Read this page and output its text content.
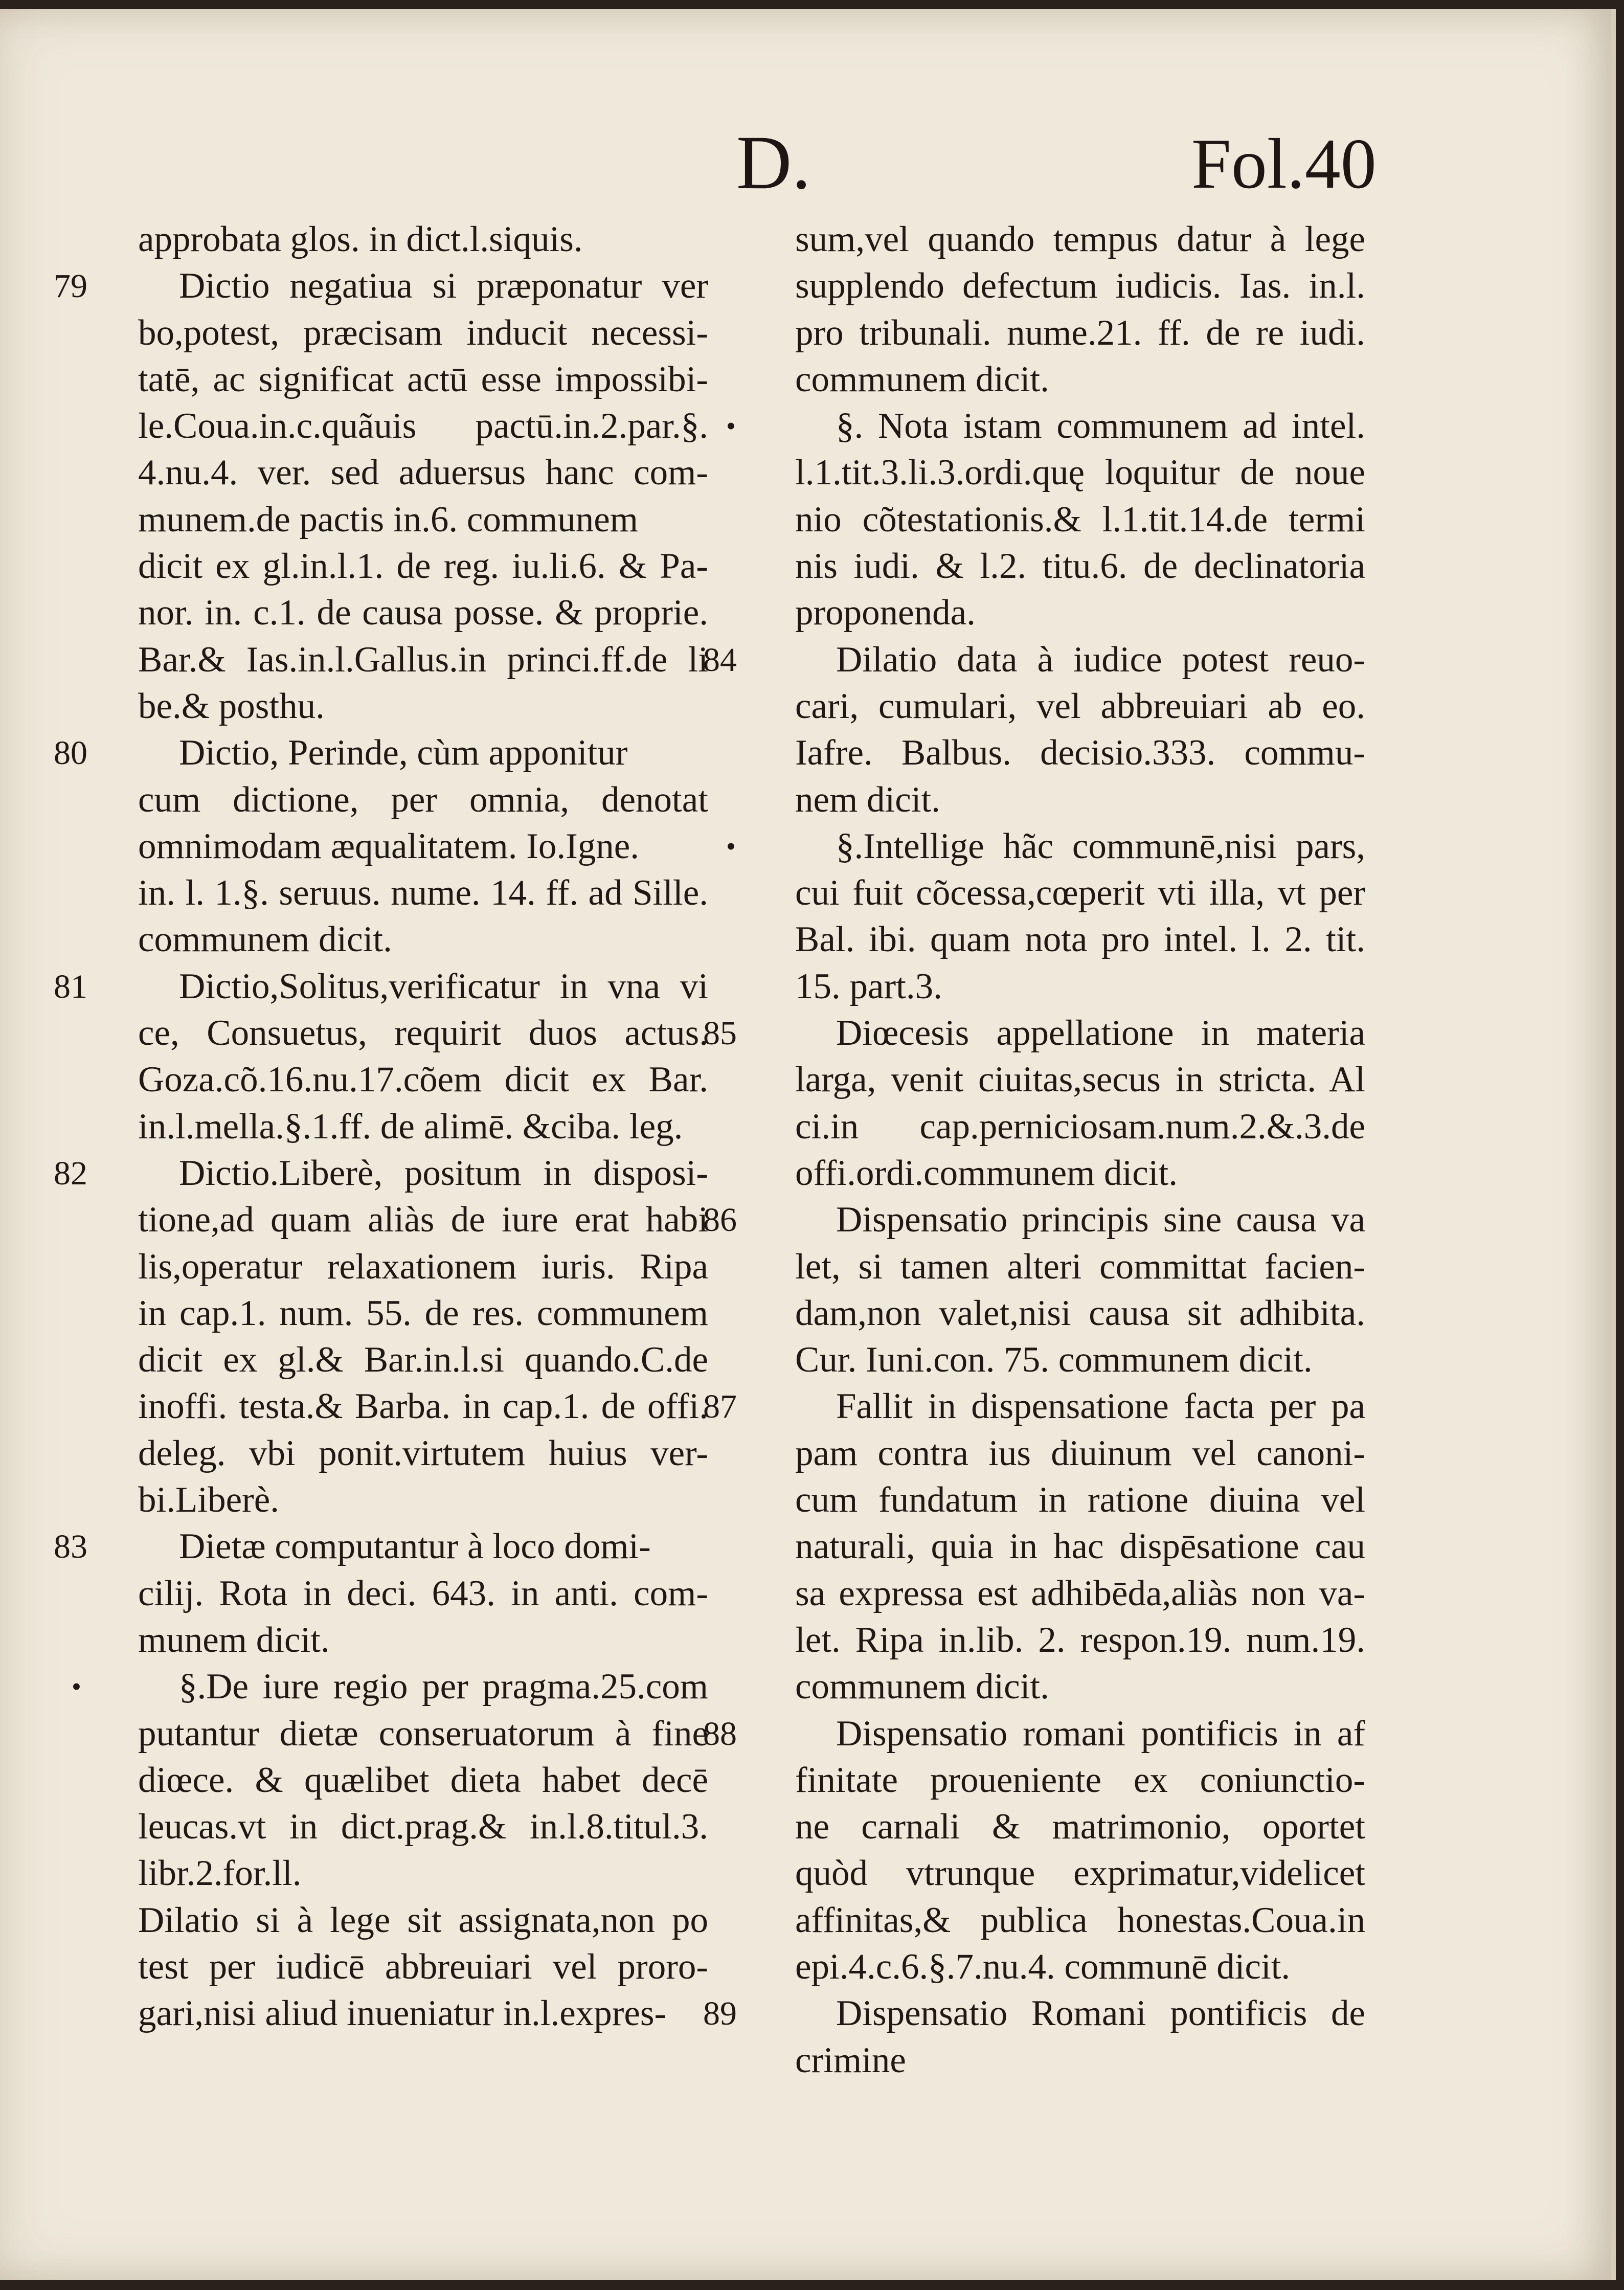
D.	Fol.40
approbata glos. in dict.l.siquis.
79	Dictio negatiua si præponatur ver
bo,potest, præcisam inducit necessi-
tatē, ac significat actū esse impossibi-
le.Coua.in.c.quãuis pactū.in.2.par.§.
4.nu.4. ver. sed aduersus hanc com-
munem.de pactis in.6. communem
dicit ex gl.in.l.1. de reg. iu.li.6. & Pa-
nor. in. c.1. de causa posse. & proprie.
Bar.& Ias.in.l.Gallus.in princi.ff.de li
be.& posthu.
80	Dictio, Perinde, cùm apponitur
cum dictione, per omnia, denotat
omnimodam æqualitatem. Io.Igne.
in. l. 1.§. seruus. nume. 14. ff. ad Sille.
communem dicit.
81	Dictio,Solitus,verificatur in vna vi
ce, Consuetus, requirit duos actus.
Goza.cõ.16.nu.17.cõem dicit ex Bar.
in.l.mella.§.1.ff. de alimē. &ciba. leg.
82	Dictio.Liberè, positum in disposi-
tione,ad quam aliàs de iure erat habi
lis,operatur relaxationem iuris. Ripa
in cap.1. num. 55. de res. communem
dicit ex gl.& Bar.in.l.si quando.C.de
inoffi. testa.& Barba. in cap.1. de offi.
deleg. vbi ponit.virtutem huius ver-
bi.Liberè.
83	Dietæ computantur à loco domi-
cilij. Rota in deci. 643. in anti. com-
munem dicit.
•	§.De iure regio per pragma.25.com
putantur dietæ conseruatorum à fine
diœce. & quælibet dieta habet decē
leucas.vt in dict.prag.& in.l.8.titul.3.
libr.2.for.ll.
Dilatio si à lege sit assignata,non po
test per iudicē abbreuiari vel proro-
gari,nisi aliud inueniatur in.l.expres-
sum,vel quando tempus datur à lege
supplendo defectum iudicis. Ias. in.l.
pro tribunali. nume.21. ff. de re iudi.
communem dicit.
•	§. Nota istam communem ad intel.
l.1.tit.3.li.3.ordi.quę loquitur de noue
nio cõtestationis.& l.1.tit.14.de termi
nis iudi. & l.2. titu.6. de declinatoria
proponenda.
84	Dilatio data à iudice potest reuo-
cari, cumulari, vel abbreuiari ab eo.
Iafre. Balbus. decisio.333. commu-
nem dicit.
•	§.Intellige hãc communē,nisi pars,
cui fuit cõcessa,cœperit vti illa, vt per
Bal. ibi. quam nota pro intel. l. 2. tit.
15. part.3.
85	Diœcesis appellatione in materia
larga, venit ciuitas,secus in stricta. Al
ci.in cap.perniciosam.num.2.&.3.de
offi.ordi.communem dicit.
86	Dispensatio principis sine causa va
let, si tamen alteri committat facien-
dam,non valet,nisi causa sit adhibita.
Cur. Iuni.con. 75. communem dicit.
87	Fallit in dispensatione facta per pa
pam contra ius diuinum vel canoni-
cum fundatum in ratione diuina vel
naturali, quia in hac dispēsatione cau
sa expressa est adhibēda,aliàs non va-
let. Ripa in.lib. 2. respon.19. num.19.
communem dicit.
88	Dispensatio romani pontificis in af
finitate proueniente ex coniunctio-
ne carnali & matrimonio, oportet
quòd vtrunque exprimatur,videlicet
affinitas,& publica honestas.Coua.in
epi.4.c.6.§.7.nu.4. communē dicit.
89	Dispensatio Romani pontificis de
crimine
